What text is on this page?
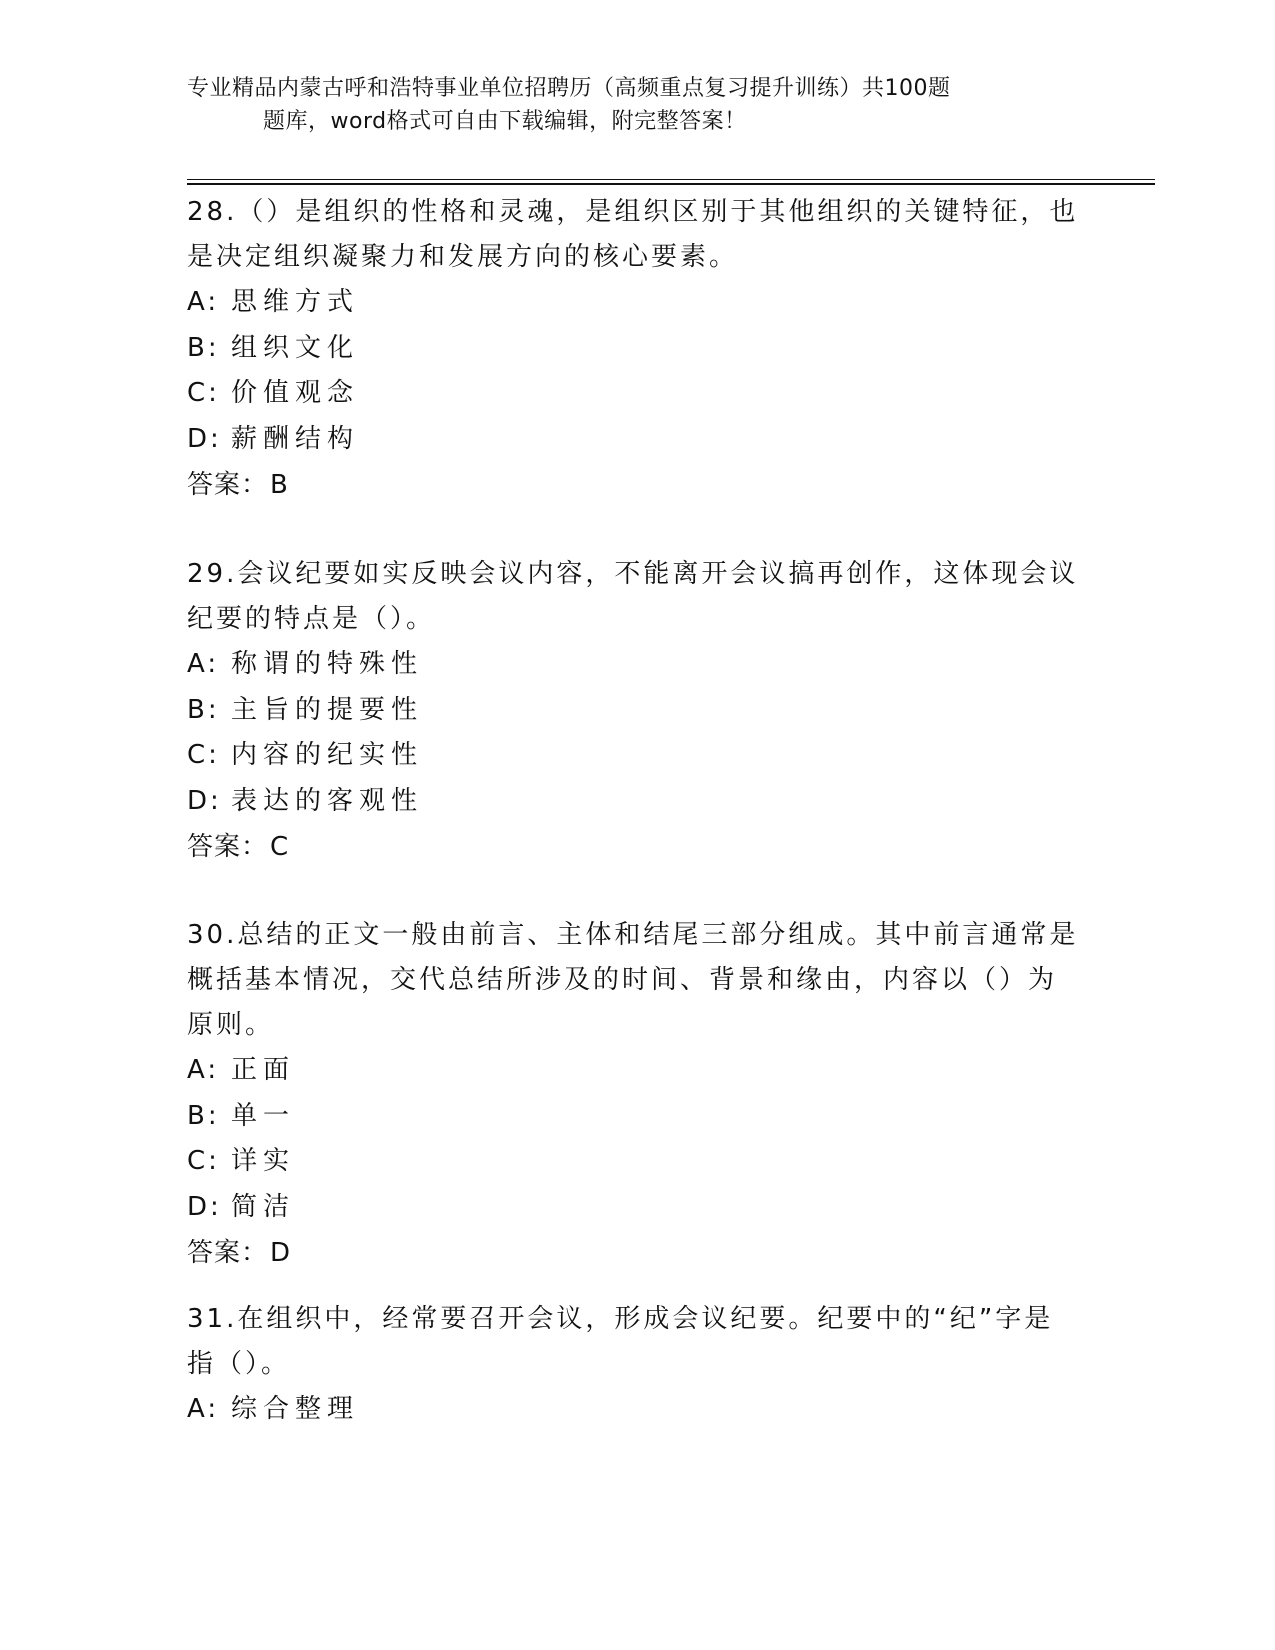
专业精品内蒙古呼和浩特事业单位招聘历（高频重点复习提升训练）共100题
题库，word格式可自由下载编辑，附完整答案！
28.（）是组织的性格和灵魂，是组织区别于其他组织的关键特征，也
是决定组织凝聚力和发展方向的核心要素。
A: 思维方式
B: 组织文化
C: 价值观念
D: 薪酬结构
答案：B
29.会议纪要如实反映会议内容，不能离开会议搞再创作，这体现会议
纪要的特点是（）。
A: 称谓的特殊性
B: 主旨的提要性
C: 内容的纪实性
D: 表达的客观性
答案：C
30.总结的正文一般由前言、主体和结尾三部分组成。其中前言通常是
概括基本情况，交代总结所涉及的时间、背景和缘由，内容以（）为
原则。
A: 正面
B: 单一
C: 详实
D: 简洁
答案：D
31.在组织中，经常要召开会议，形成会议纪要。纪要中的“纪”字是
指（）。
A: 综合整理
